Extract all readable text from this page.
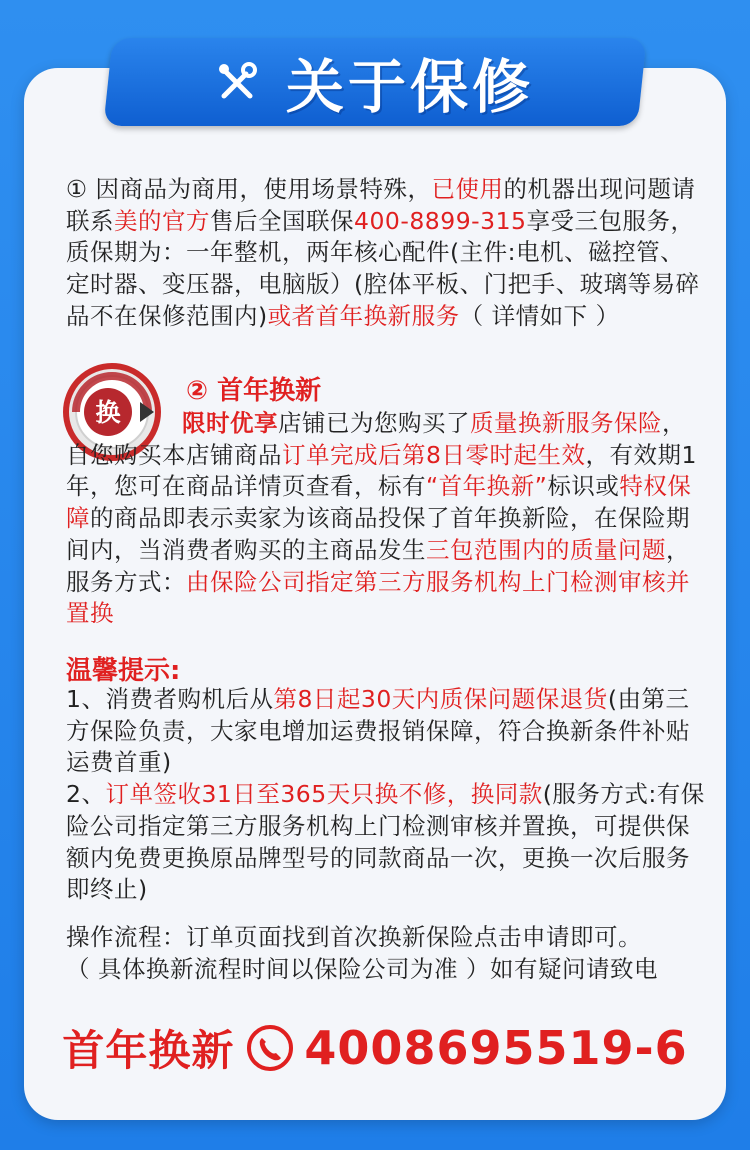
关于保修
① 因商品为商用，使用场景特殊，已使用的机器出现问题请联系美的官方售后全国联保400-8899-315享受三包服务，质保期为：一年整机，两年核心配件(主件:电机、磁控管、定时器、变压器，电脑版）(腔体平板、门把手、玻璃等易碎品不在保修范围内)或者首年换新服务（ 详情如下 ）
换
② 首年换新
限时优享店铺已为您购买了质量换新服务保险，自您购买本店铺商品订单完成后第8日零时起生效，有效期1年，您可在商品详情页查看，标有“首年换新”标识或特权保障的商品即表示卖家为该商品投保了首年换新险，在保险期间内，当消费者购买的主商品发生三包范围内的质量问题，服务方式：由保险公司指定第三方服务机构上门检测审核并置换
温馨提示:
1、消费者购机后从第8日起30天内质保问题保退货(由第三方保险负责，大家电增加运费报销保障，符合换新条件补贴运费首重)
2、订单签收31日至365天只换不修，换同款(服务方式:有保险公司指定第三方服务机构上门检测审核并置换，可提供保额内免费更换原品牌型号的同款商品一次，更换一次后服务即终止)
操作流程：订单页面找到首次换新保险点击申请即可。
（ 具体换新流程时间以保险公司为准 ）如有疑问请致电
首年换新 4008695519-6
